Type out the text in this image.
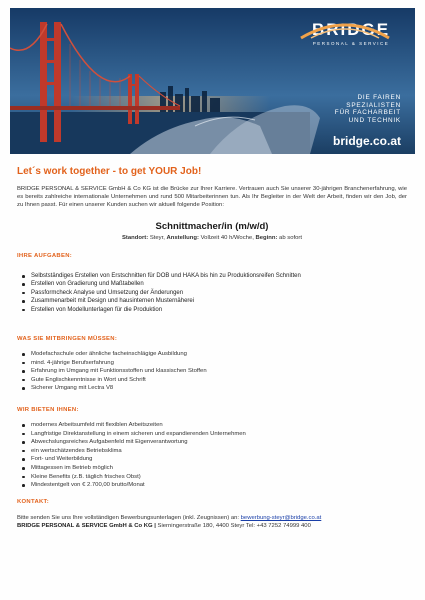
BRIDGE
PERSONAL & SERVICE
DIE FAIREN
SPEZIALISTEN
FÜR FACHARBEIT
UND TECHNIK
bridge.co.at
Let´s work together - to get YOUR Job!

BRIDGE PERSONAL & SERVICE GmbH & Co KG ist die Brücke zur Ihrer Karriere. Vertrauen auch Sie unserer 30-jährigen Branchenerfahrung, wie es bereits zahlreiche internationale Unternehmen und rund 500 Mitarbeiterinnen tun. Als Ihr Begleiter in der Welt der Arbeit, finden wir den Job, der zu Ihnen passt. Für einen unserer Kunden suchen wir aktuell folgende Position:

Schnittmacher/in (m/w/d)
Standort: Steyr, Anstellung: Vollzeit 40 h/Woche, Beginn: ab sofort
IHRE AUFGABEN:
Selbstständiges Erstellen von Erstschnitten für DOB und HAKA bis hin zu Produktionsreifen Schnitten
Erstellen von Gradierung und Maßtabellen
Passformcheck Analyse und Umsetzung der Änderungen
Zusammenarbeit mit Design und hausinternen Musternäherei
Erstellen von Modellunterlagen für die Produktion
WAS SIE MITBRINGEN MÜSSEN:
Modefachschule oder ähnliche facheinschlägige Ausbildung
mind. 4-jährige Berufserfahrung
Erfahrung im Umgang mit Funktionsstoffen und klassischen Stoffen
Gute Englischkenntnisse in Wort und Schrift
Sicherer Umgang mit Lectra V8
WIR BIETEN IHNEN:
modernes Arbeitsumfeld mit flexiblen Arbeitszeiten
Langfristige Direktanstellung in einem sicheren und expandierenden Unternehmen
Abwechslungsreiches Aufgabenfeld mit Eigenverantwortung
ein wertschätzendes Betriebsklima
Fort- und Weiterbildung
Mittagessen im Betrieb möglich
Kleine Benefits (z.B. täglich frisches Obst)
Mindestentgelt von € 2.700,00 brutto/Monat
KONTAKT:
Bitte senden Sie uns Ihre vollständigen Bewerbungsunterlagen (inkl. Zeugnissen) an: bewerbung-steyr@bridge.co.at
BRIDGE PERSONAL & SERVICE GmbH & Co KG | Sierningerstraße 180, 4400 Steyr Tel: +43 7252 74999 400
